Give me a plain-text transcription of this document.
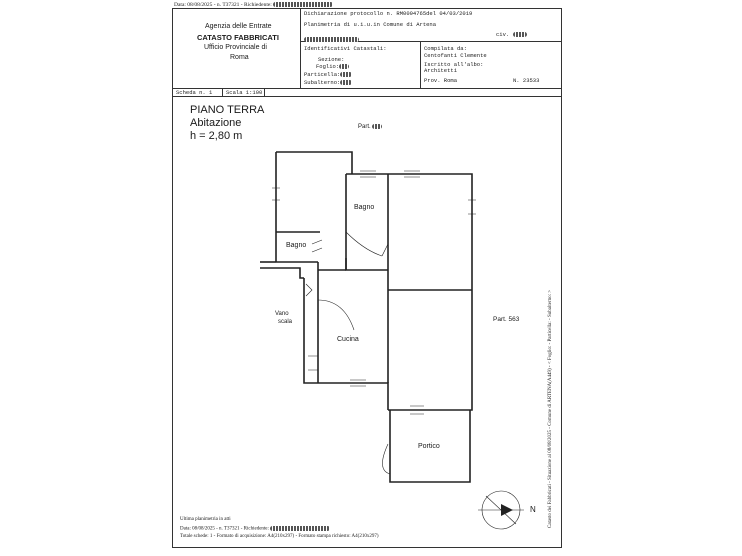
Data: 08/08/2025 - n. T37321 - Richiedente:
Agenzia delle Entrate
CATASTO FABBRICATI
Ufficio Provinciale di
Roma
Dichiarazione protocollo n. RM0094765del 04/03/2019
Planimetria di u.i.u.in Comune di Artena
civ.
Identificativi Catastali:
Sezione:
Foglio:
Particella:
Subalterno:
Compilata da:
Centofanti Clemente
Iscritto all'albo:
Architetti
Prov. Roma	N. 23533
Scheda n. 1 Scala 1:100
PIANO TERRA
Abitazione
h = 2,80 m
Part.
Part. 563
Bagno
Bagno
Vano
scala
Cucina
Portico
N
Ultima planimetria in atti
Data: 08/08/2025 - n. T37321 - Richiedente:
Totale schede: 1 - Formato di acquisizione: A4(210x297) - Formato stampa richiesto: A4(210x297)
Catasto dei Fabbricati - Situazione al 08/08/2025 - Comune di ARTENA(A449) - < Foglio: - Particella: - Subalterno: >
